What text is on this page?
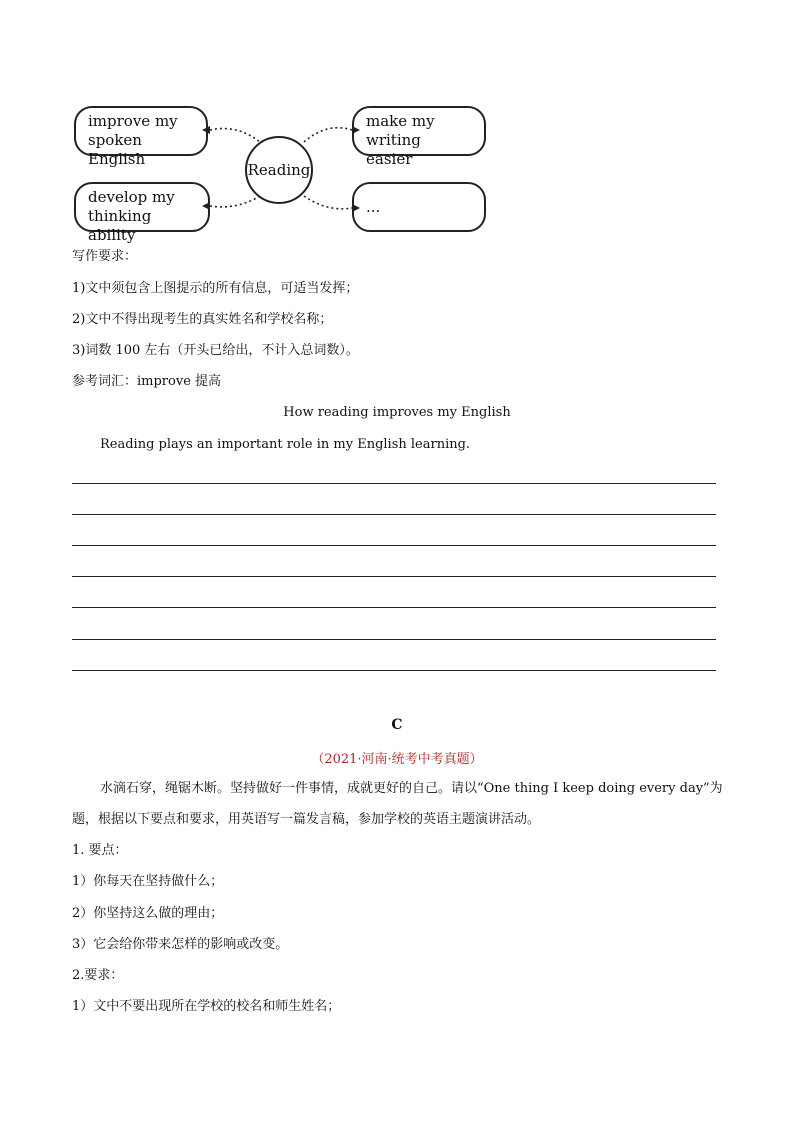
improve my
spoken English
make my
writing easier
develop my
thinking ability
...
Reading
写作要求：
1)文中须包含上图提示的所有信息，可适当发挥；
2)文中不得出现考生的真实姓名和学校名称；
3)词数 100 左右（开头已给出，不计入总词数）。
参考词汇：improve 提高
How reading improves my English
Reading plays an important role in my English learning.
C
（2021·河南·统考中考真题）
水滴石穿，绳锯木断。坚持做好一件事情，成就更好的自己。请以“One thing I keep doing every day”为
题，根据以下要点和要求，用英语写一篇发言稿，参加学校的英语主题演讲活动。
1. 要点：
1）你每天在坚持做什么；
2）你坚持这么做的理由；
3）它会给你带来怎样的影响或改变。
2.要求：
1）文中不要出现所在学校的校名和师生姓名；
